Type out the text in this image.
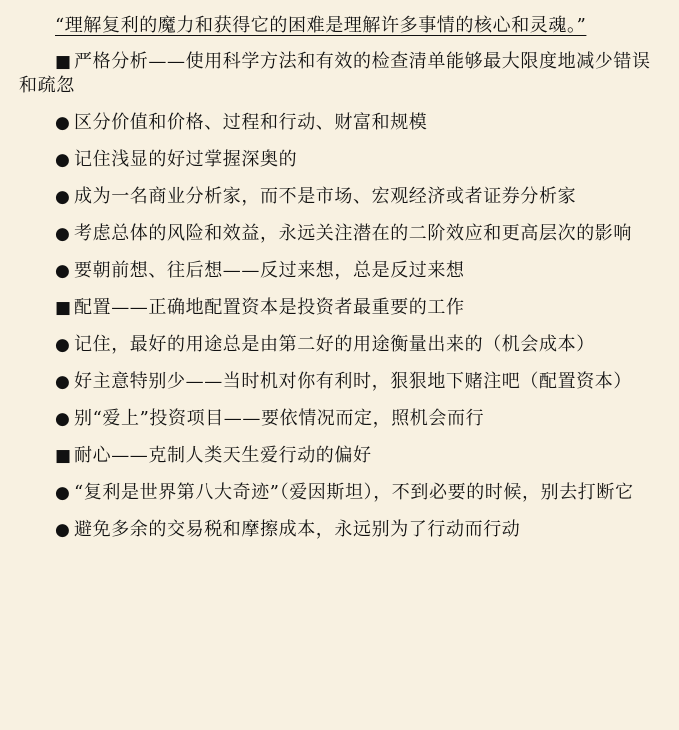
“理解复利的魔力和获得它的困难是理解许多事情的核心和灵魂。”

■ 严格分析——使用科学方法和有效的检查清单能够最大限度地减少错误和疏忽

● 区分价值和价格、过程和行动、财富和规模

● 记住浅显的好过掌握深奥的

● 成为一名商业分析家，而不是市场、宏观经济或者证券分析家

● 考虑总体的风险和效益，永远关注潜在的二阶效应和更高层次的影响

● 要朝前想、往后想——反过来想，总是反过来想

■ 配置——正确地配置资本是投资者最重要的工作

● 记住，最好的用途总是由第二好的用途衡量出来的（机会成本）

● 好主意特别少——当时机对你有利时，狠狠地下赌注吧（配置资本）

● 别“爱上”投资项目——要依情况而定，照机会而行

■ 耐心——克制人类天生爱行动的偏好

● “复利是世界第八大奇迹”（爱因斯坦），不到必要的时候，别去打断它

● 避免多余的交易税和摩擦成本，永远别为了行动而行动
